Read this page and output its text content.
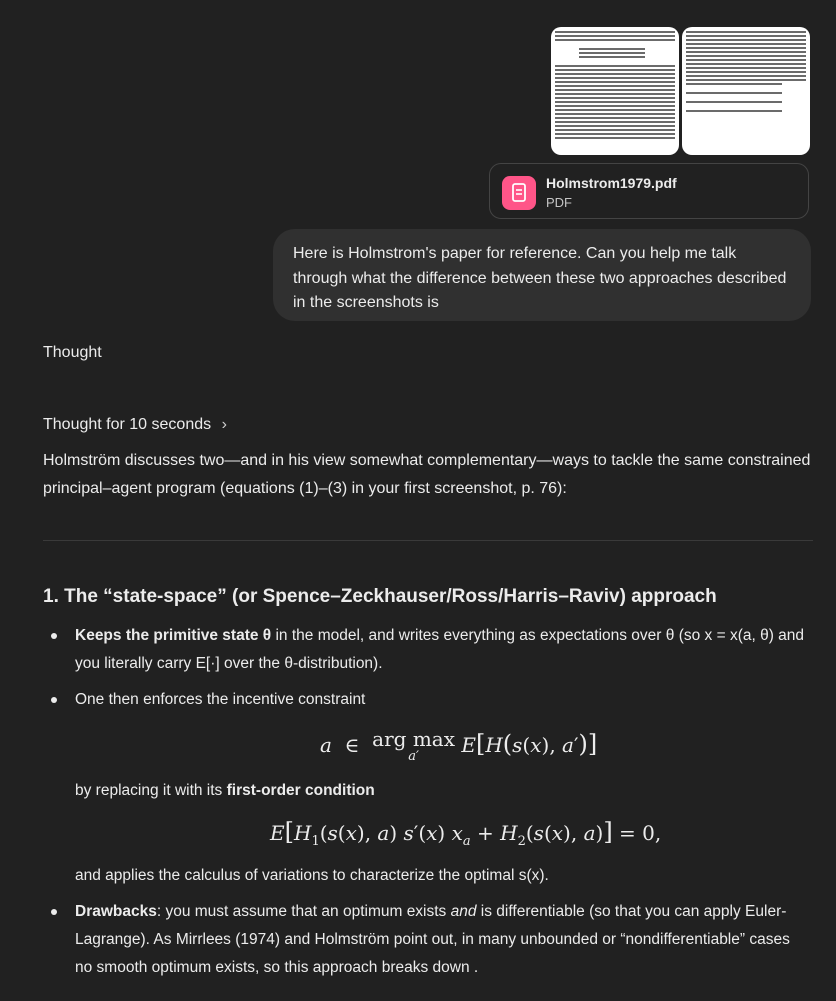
Holmstrom1979.pdf
PDF
Here is Holmstrom's paper for reference. Can you help me talk through what the difference between these two approaches described in the screenshots is
Thought
Thought for 10 seconds ›
Holmström discusses two—and in his view somewhat complementary—ways to tackle the same constrained principal–agent program (equations (1)–(3) in your first screenshot, p. 76):
1. The “state-space” (or Spence–Zeckhauser/Ross/Harris–Raviv) approach
Keeps the primitive state θ in the model, and writes everything as expectations over θ (so x = x(a, θ) and you literally carry E[·] over the θ-distribution).
One then enforces the incentive constraint
a  ∈  arg max
a′	E[H(s(x), a′)]
by replacing it with its first-order condition
$E[H_1(s(x)$, a) s′(x) $x_a + H_2(s(x)$, a)] = 0,
and applies the calculus of variations to characterize the optimal s(x).
Drawbacks: you must assume that an optimum exists and is differentiable (so that you can apply Euler-Lagrange). As Mirrlees (1974) and Holmström point out, in many unbounded or “nondifferentiable” cases no smooth optimum exists, so this approach breaks down .
